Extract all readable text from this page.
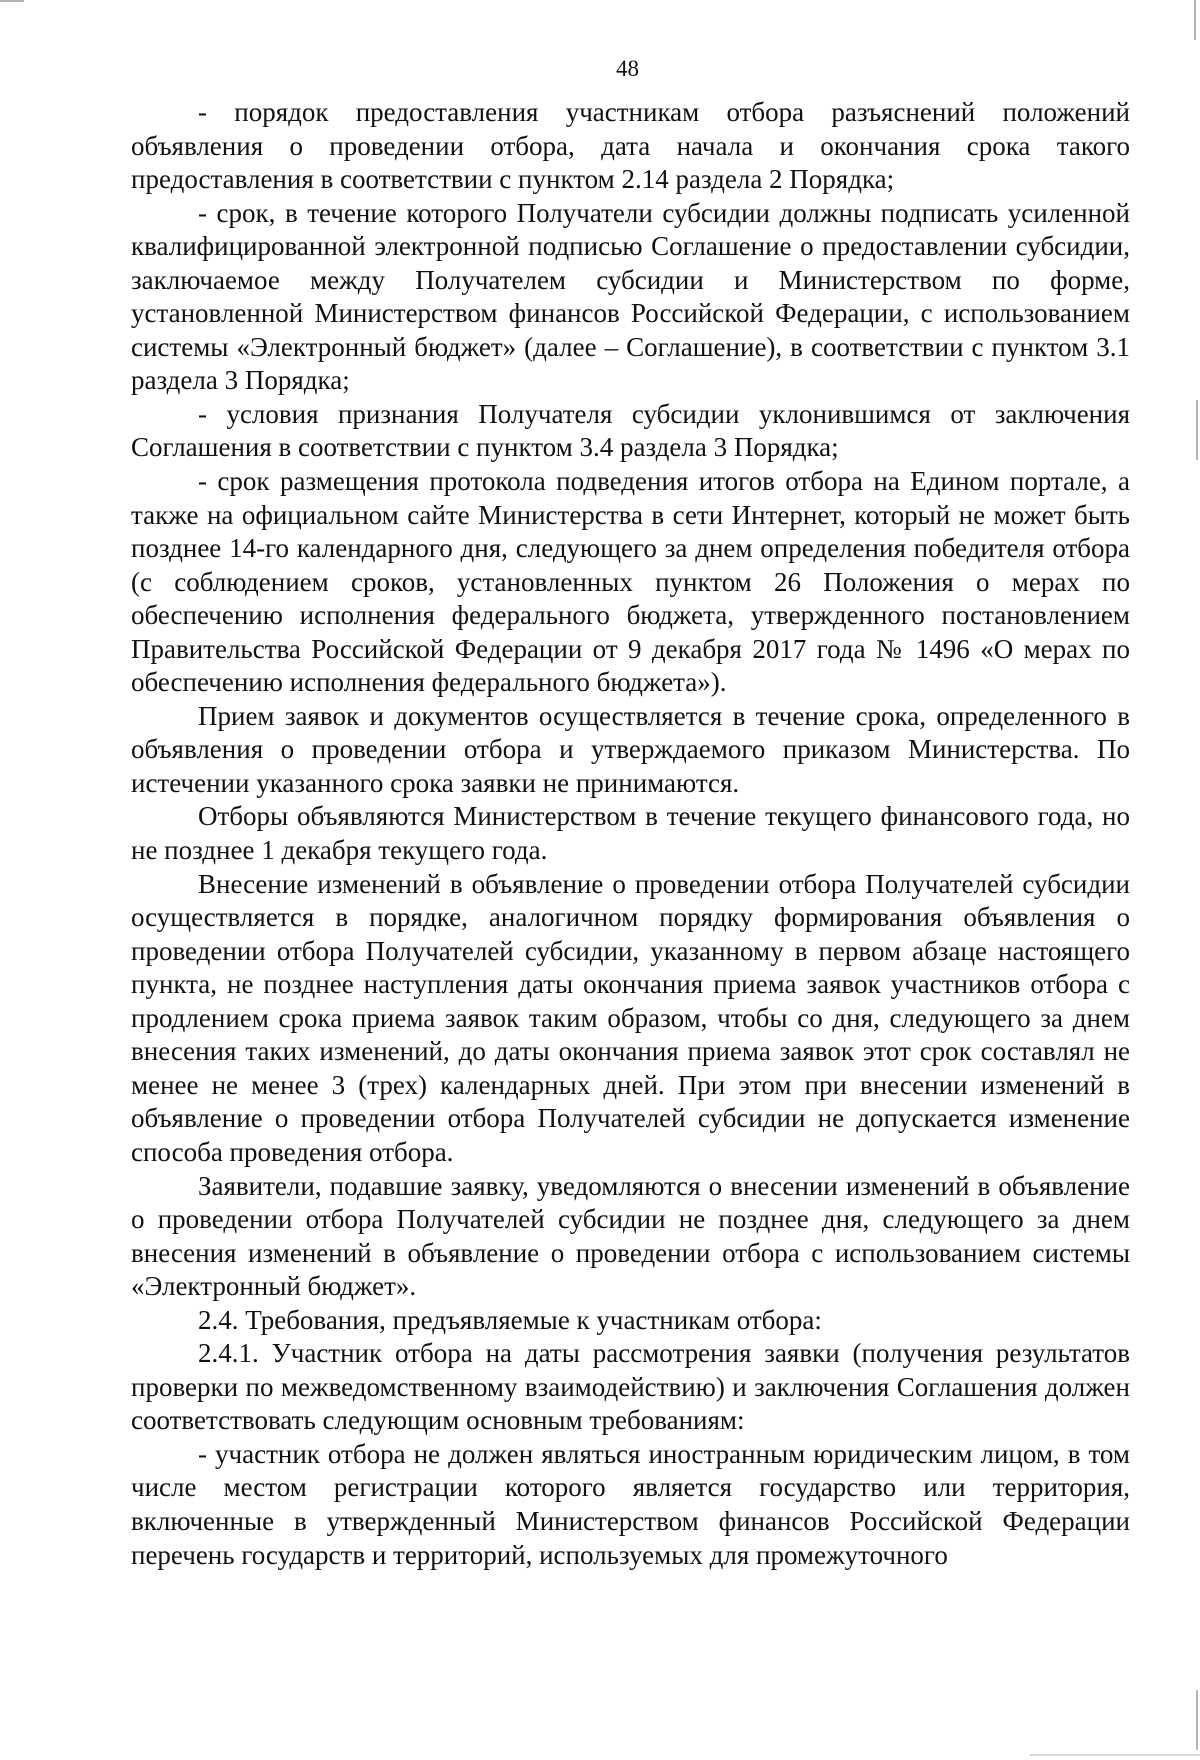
48

- порядок предоставления участникам отбора разъяснений положений объявления о проведении отбора, дата начала и окончания срока такого предоставления в соответствии с пунктом 2.14 раздела 2 Порядка;

- срок, в течение которого Получатели субсидии должны подписать усиленной квалифицированной электронной подписью Соглашение о предоставлении субсидии, заключаемое между Получателем субсидии и Министерством по форме, установленной Министерством финансов Российской Федерации, с использованием системы «Электронный бюджет» (далее – Соглашение), в соответствии с пунктом 3.1 раздела 3 Порядка;

- условия признания Получателя субсидии уклонившимся от заключения Соглашения в соответствии с пунктом 3.4 раздела 3 Порядка;

- срок размещения протокола подведения итогов отбора на Едином портале, а также на официальном сайте Министерства в сети Интернет, который не может быть позднее 14-го календарного дня, следующего за днем определения победителя отбора (с соблюдением сроков, установленных пунктом 26 Положения о мерах по обеспечению исполнения федерального бюджета, утвержденного постановлением Правительства Российской Федерации от 9 декабря 2017 года № 1496 «О мерах по обеспечению исполнения федерального бюджета»).

Прием заявок и документов осуществляется в течение срока, определенного в объявления о проведении отбора и утверждаемого приказом Министерства. По истечении указанного срока заявки не принимаются.

Отборы объявляются Министерством в течение текущего финансового года, но не позднее 1 декабря текущего года.

Внесение изменений в объявление о проведении отбора Получателей субсидии осуществляется в порядке, аналогичном порядку формирования объявления о проведении отбора Получателей субсидии, указанному в первом абзаце настоящего пункта, не позднее наступления даты окончания приема заявок участников отбора с продлением срока приема заявок таким образом, чтобы со дня, следующего за днем внесения таких изменений, до даты окончания приема заявок этот срок составлял не менее не менее 3 (трех) календарных дней. При этом при внесении изменений в объявление о проведении отбора Получателей субсидии не допускается изменение способа проведения отбора.

Заявители, подавшие заявку, уведомляются о внесении изменений в объявление о проведении отбора Получателей субсидии не позднее дня, следующего за днем внесения изменений в объявление о проведении отбора с использованием системы «Электронный бюджет».

2.4. Требования, предъявляемые к участникам отбора:

2.4.1. Участник отбора на даты рассмотрения заявки (получения результатов проверки по межведомственному взаимодействию) и заключения Соглашения должен соответствовать следующим основным требованиям:

- участник отбора не должен являться иностранным юридическим лицом, в том числе местом регистрации которого является государство или территория, включенные в утвержденный Министерством финансов Российской Федерации перечень государств и территорий, используемых для промежуточного
